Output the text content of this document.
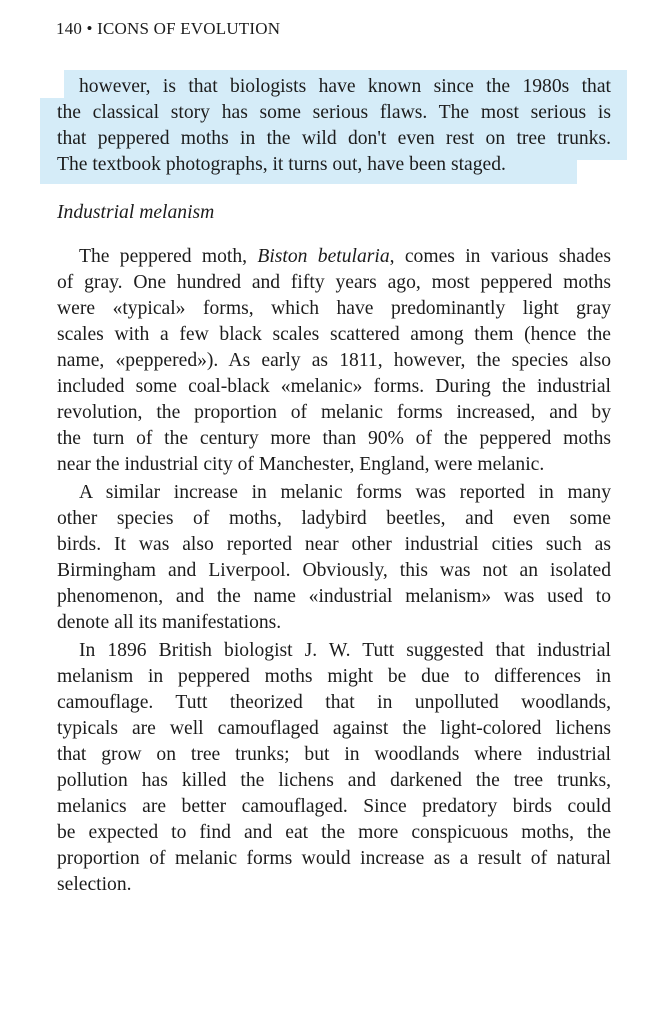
140 • ICONS OF EVOLUTION
however, is that biologists have known since the 1980s that
the classical story has some serious flaws. The most serious is
that peppered moths in the wild don't even rest on tree trunks.
The textbook photographs, it turns out, have been staged.
Industrial melanism
The peppered moth, Biston betularia, comes in various shades
of gray. One hundred and fifty years ago, most peppered moths
were «typical» forms, which have predominantly light gray
scales with a few black scales scattered among them (hence the
name, «peppered»). As early as 1811, however, the species also
included some coal-black «melanic» forms. During the industrial
revolution, the proportion of melanic forms increased, and by
the turn of the century more than 90% of the peppered moths
near the industrial city of Manchester, England, were melanic.
A similar increase in melanic forms was reported in many
other species of moths, ladybird beetles, and even some
birds. It was also reported near other industrial cities such as
Birmingham and Liverpool. Obviously, this was not an isolated
phenomenon, and the name «industrial melanism» was used to
denote all its manifestations.
In 1896 British biologist J. W. Tutt suggested that industrial
melanism in peppered moths might be due to differences in
camouflage. Tutt theorized that in unpolluted woodlands,
typicals are well camouflaged against the light-colored lichens
that grow on tree trunks; but in woodlands where industrial
pollution has killed the lichens and darkened the tree trunks,
melanics are better camouflaged. Since predatory birds could
be expected to find and eat the more conspicuous moths, the
proportion of melanic forms would increase as a result of natural
selection.
